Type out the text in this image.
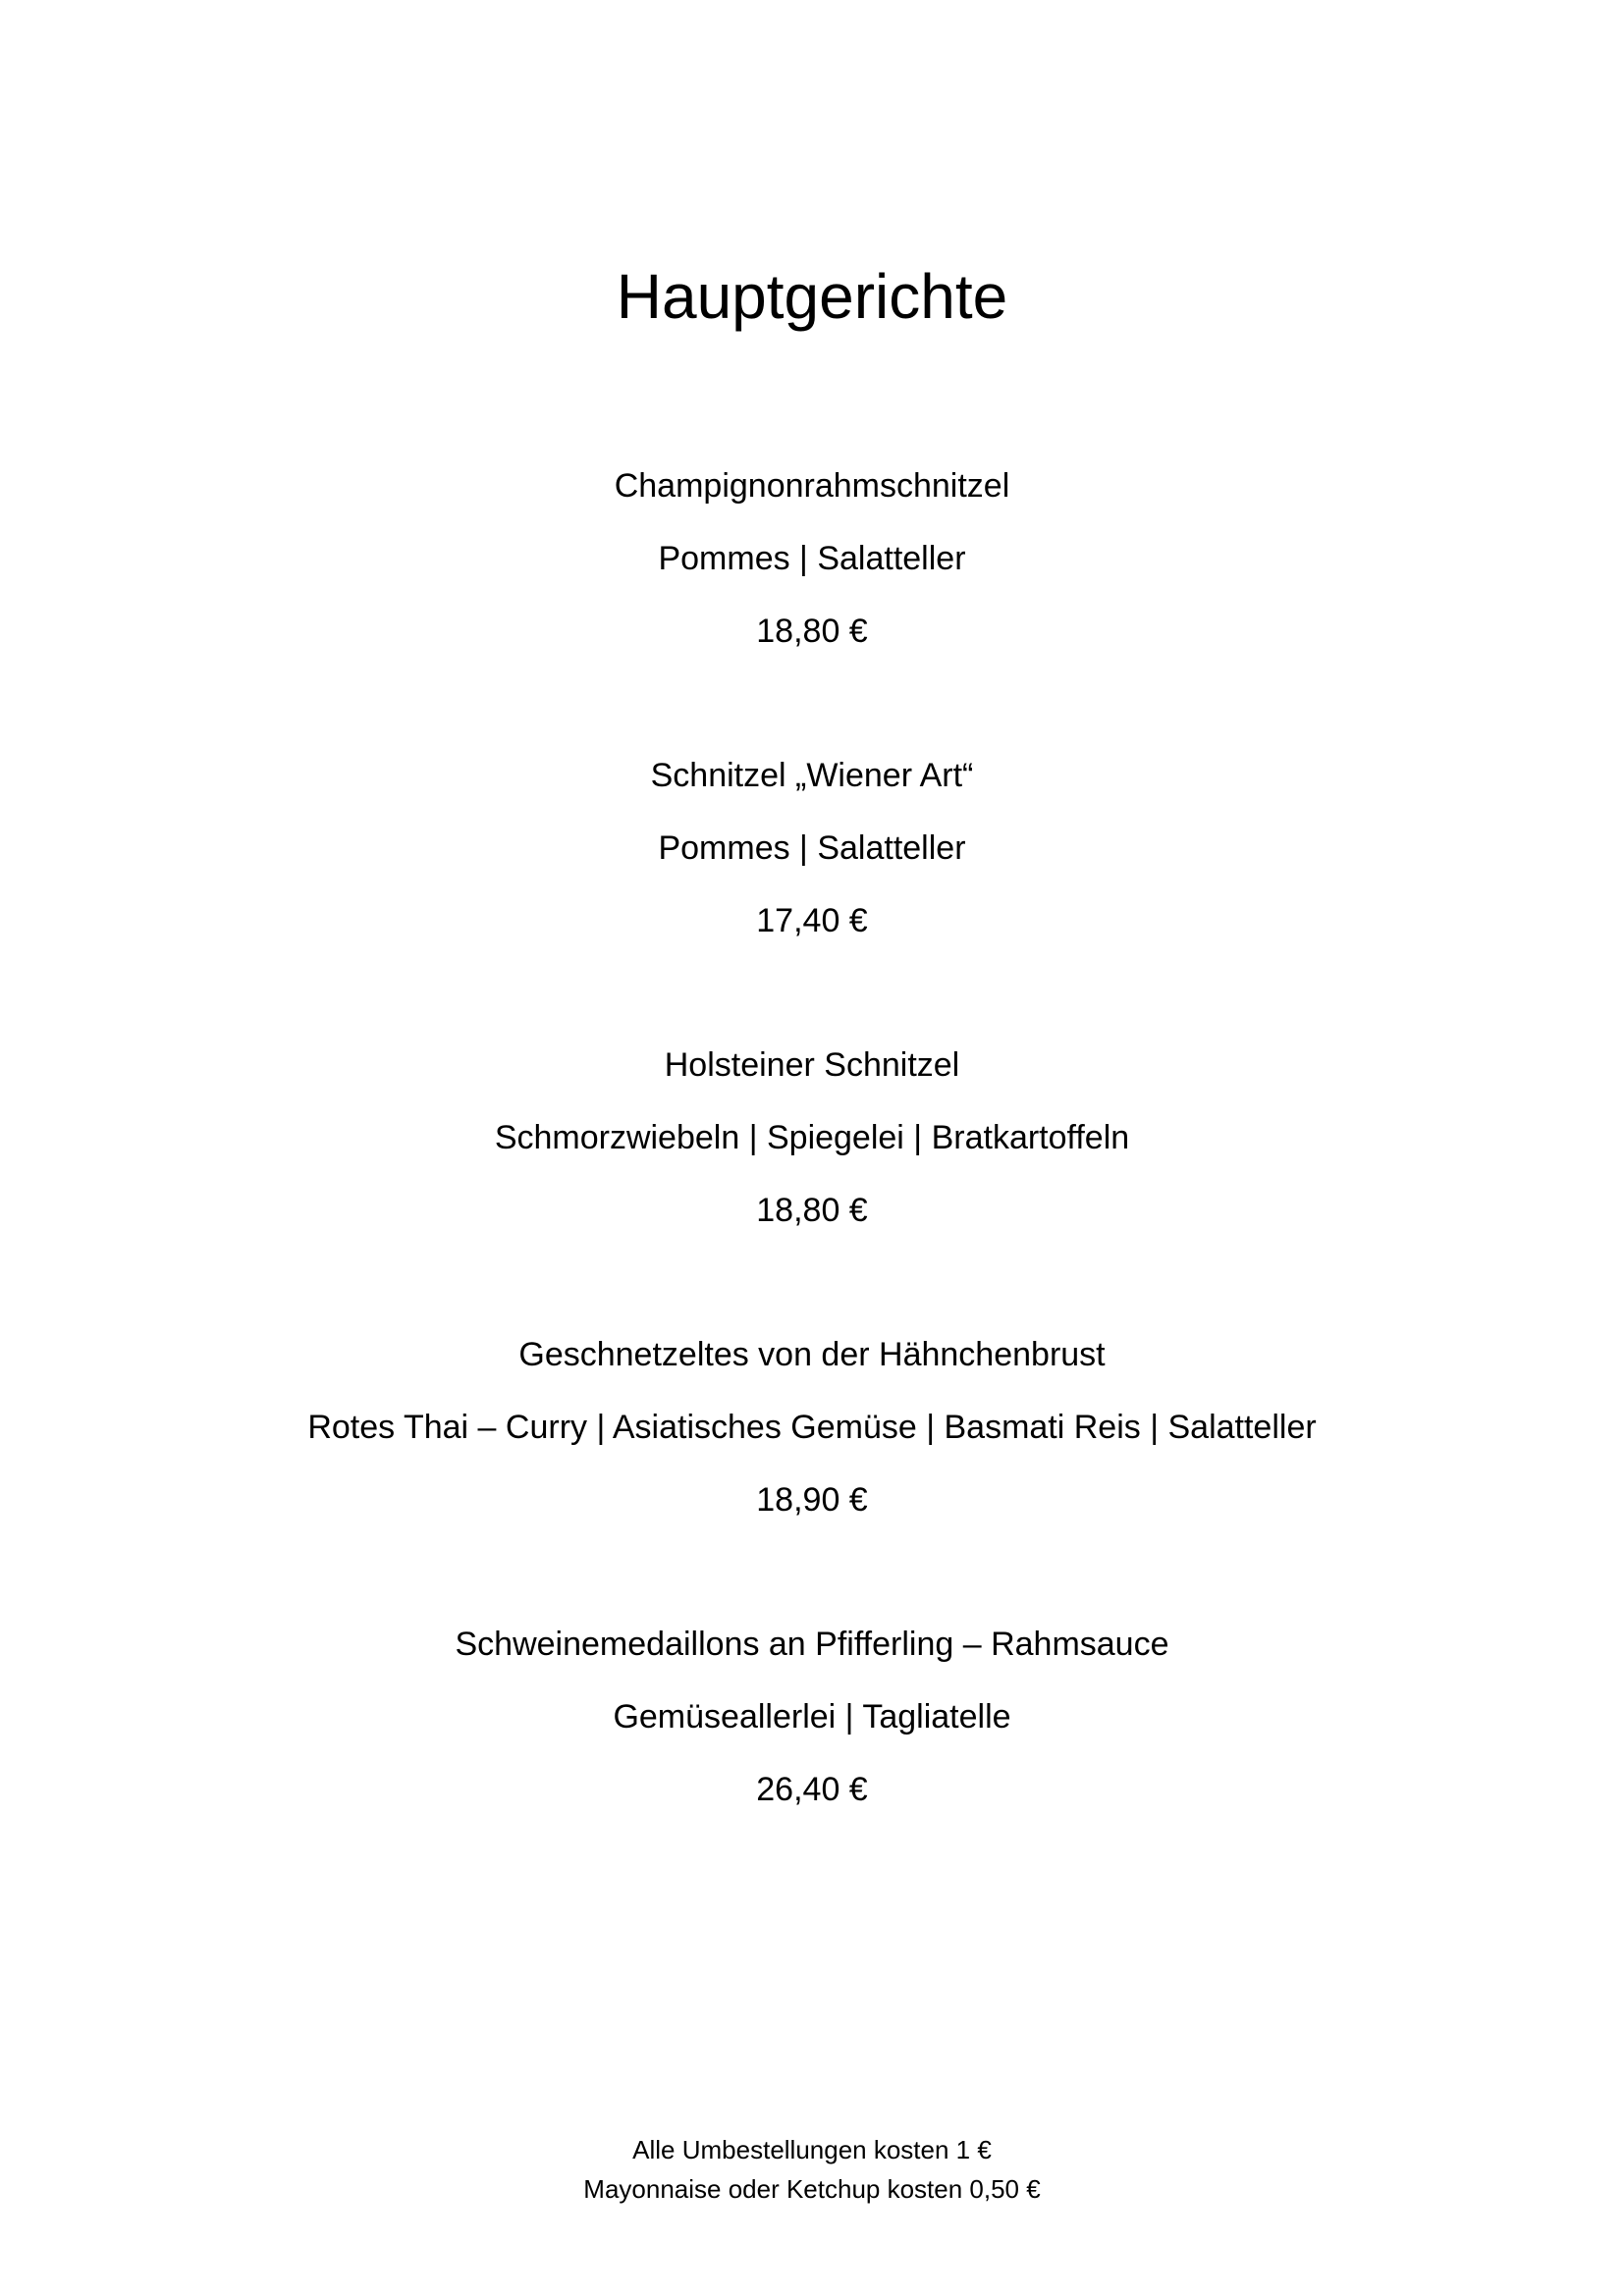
Hauptgerichte
Champignonrahmschnitzel
Pommes | Salatteller
18,80 €
Schnitzel „Wiener Art“
Pommes | Salatteller
17,40 €
Holsteiner Schnitzel
Schmorzwiebeln | Spiegelei | Bratkartoffeln
18,80 €
Geschnetzeltes von der Hähnchenbrust
Rotes Thai – Curry | Asiatisches Gemüse | Basmati Reis | Salatteller
18,90 €
Schweinemedaillons an Pfifferling – Rahmsauce
Gemüseallerlei | Tagliatelle
26,40 €
Alle Umbestellungen kosten 1 €
Mayonnaise oder Ketchup kosten 0,50 €
